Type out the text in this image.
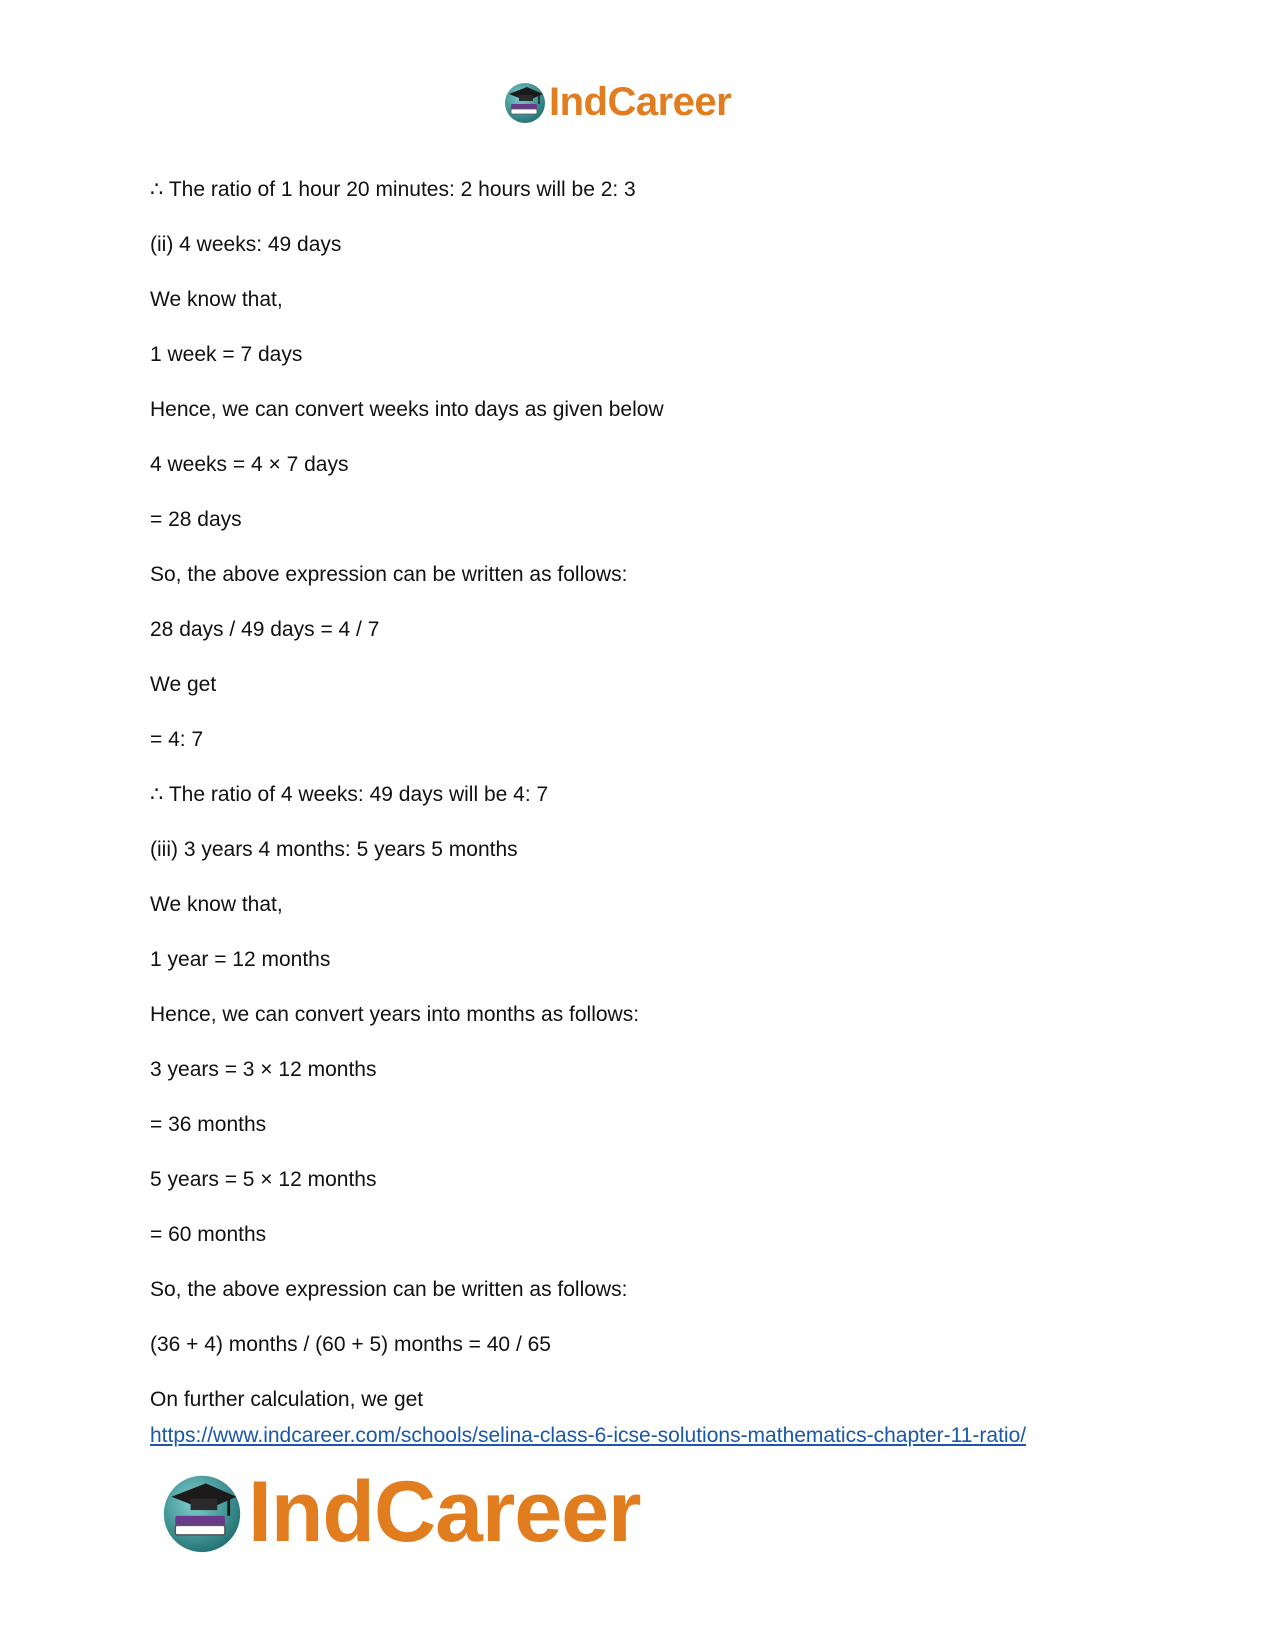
IndCareer
∴ The ratio of 1 hour 20 minutes: 2 hours will be 2: 3
(ii) 4 weeks: 49 days
We know that,
1 week = 7 days
Hence, we can convert weeks into days as given below
4 weeks = 4 × 7 days
= 28 days
So, the above expression can be written as follows:
28 days / 49 days = 4 / 7
We get
= 4: 7
∴ The ratio of 4 weeks: 49 days will be 4: 7
(iii) 3 years 4 months: 5 years 5 months
We know that,
1 year = 12 months
Hence, we can convert years into months as follows:
3 years = 3 × 12 months
= 36 months
5 years = 5 × 12 months
= 60 months
So, the above expression can be written as follows:
(36 + 4) months / (60 + 5) months = 40 / 65
On further calculation, we get
https://www.indcareer.com/schools/selina-class-6-icse-solutions-mathematics-chapter-11-ratio/
IndCareer
